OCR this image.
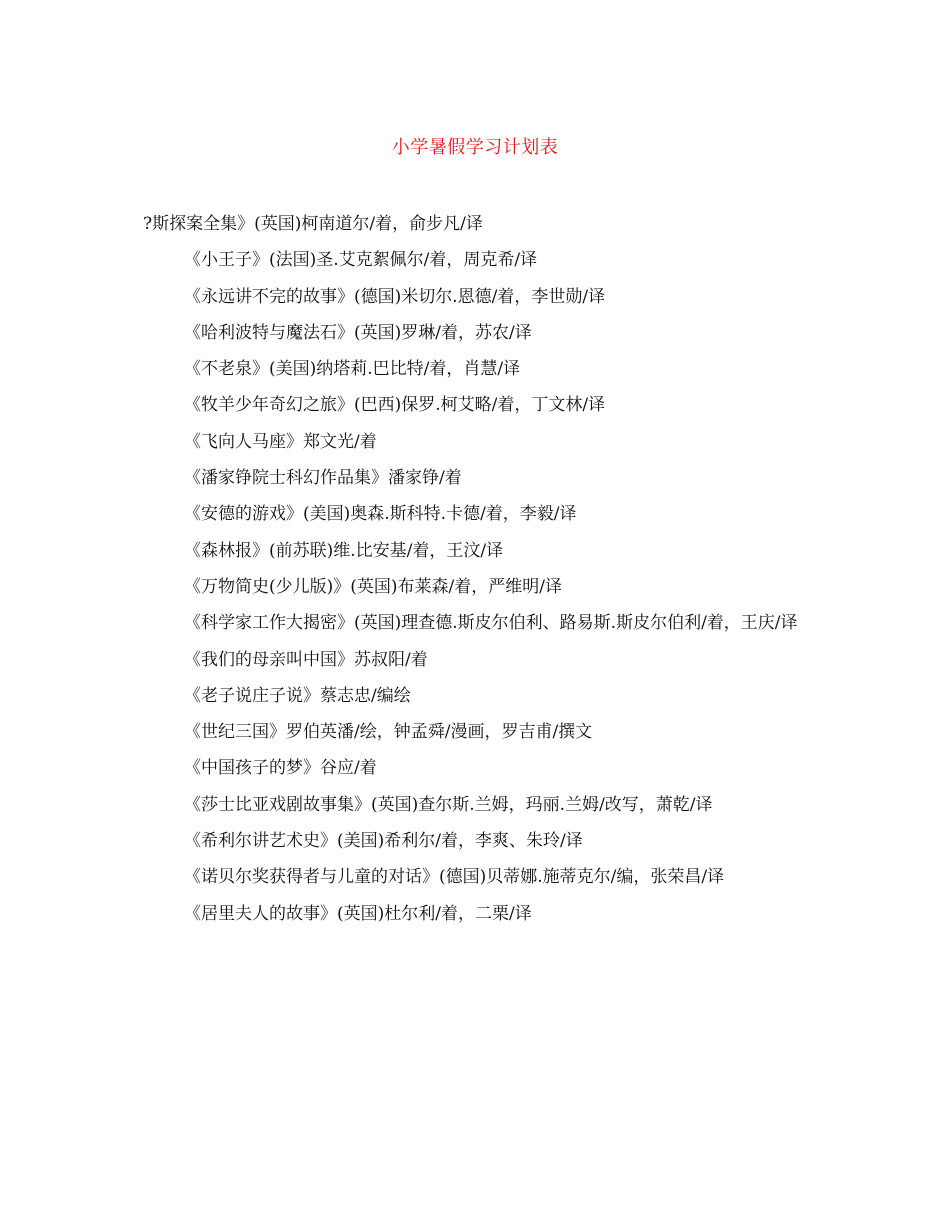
小学暑假学习计划表

?斯探案全集》(英国)柯南道尔/着，俞步凡/译

《小王子》(法国)圣.艾克絮佩尔/着，周克希/译

《永远讲不完的故事》(德国)米切尔.恩德/着，李世勋/译

《哈利波特与魔法石》(英国)罗琳/着，苏农/译

《不老泉》(美国)纳塔莉.巴比特/着，肖慧/译

《牧羊少年奇幻之旅》(巴西)保罗.柯艾略/着，丁文林/译

《飞向人马座》郑文光/着

《潘家铮院士科幻作品集》潘家铮/着

《安德的游戏》(美国)奥森.斯科特.卡德/着，李毅/译

《森林报》(前苏联)维.比安基/着，王汶/译

《万物简史(少儿版)》(英国)布莱森/着，严维明/译

《科学家工作大揭密》(英国)理查德.斯皮尔伯利、路易斯.斯皮尔伯利/着，王庆/译

《我们的母亲叫中国》苏叔阳/着

《老子说庄子说》蔡志忠/编绘

《世纪三国》罗伯英潘/绘，钟孟舜/漫画，罗吉甫/撰文

《中国孩子的梦》谷应/着

《莎士比亚戏剧故事集》(英国)查尔斯.兰姆，玛丽.兰姆/改写，萧乾/译

《希利尔讲艺术史》(美国)希利尔/着，李爽、朱玲/译

《诺贝尔奖获得者与儿童的对话》(德国)贝蒂娜.施蒂克尔/编，张荣昌/译

《居里夫人的故事》(英国)杜尔利/着，二栗/译
